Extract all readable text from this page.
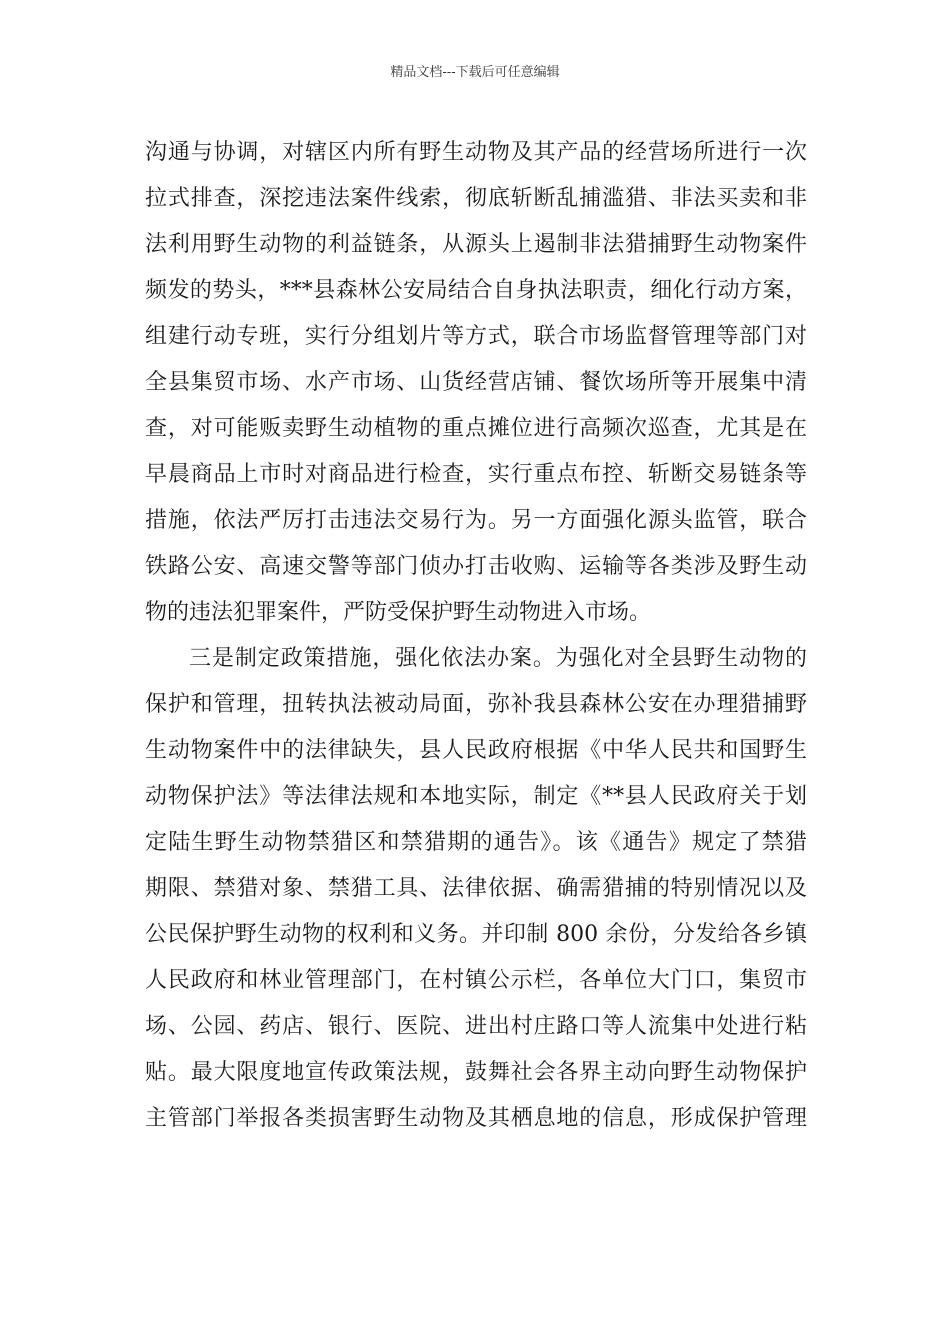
精品文档---下载后可任意编辑
沟通与协调，对辖区内所有野生动物及其产品的经营场所进行一次
拉式排查，深挖违法案件线索，彻底斩断乱捕滥猎、非法买卖和非
法利用野生动物的利益链条，从源头上遏制非法猎捕野生动物案件
频发的势头，***县森林公安局结合自身执法职责，细化行动方案，
组建行动专班，实行分组划片等方式，联合市场监督管理等部门对
全县集贸市场、水产市场、山货经营店铺、餐饮场所等开展集中清
查，对可能贩卖野生动植物的重点摊位进行高频次巡查，尤其是在
早晨商品上市时对商品进行检查，实行重点布控、斩断交易链条等
措施，依法严厉打击违法交易行为。另一方面强化源头监管，联合
铁路公安、高速交警等部门侦办打击收购、运输等各类涉及野生动
物的违法犯罪案件，严防受保护野生动物进入市场。
三是制定政策措施，强化依法办案。为强化对全县野生动物的
保护和管理，扭转执法被动局面，弥补我县森林公安在办理猎捕野
生动物案件中的法律缺失，县人民政府根据《中华人民共和国野生
动物保护法》等法律法规和本地实际，制定《**县人民政府关于划
定陆生野生动物禁猎区和禁猎期的通告》。该《通告》规定了禁猎
期限、禁猎对象、禁猎工具、法律依据、确需猎捕的特别情况以及
公民保护野生动物的权利和义务。并印制 800 余份，分发给各乡镇
人民政府和林业管理部门，在村镇公示栏，各单位大门口，集贸市
场、公园、药店、银行、医院、进出村庄路口等人流集中处进行粘
贴。最大限度地宣传政策法规，鼓舞社会各界主动向野生动物保护
主管部门举报各类损害野生动物及其栖息地的信息，形成保护管理
